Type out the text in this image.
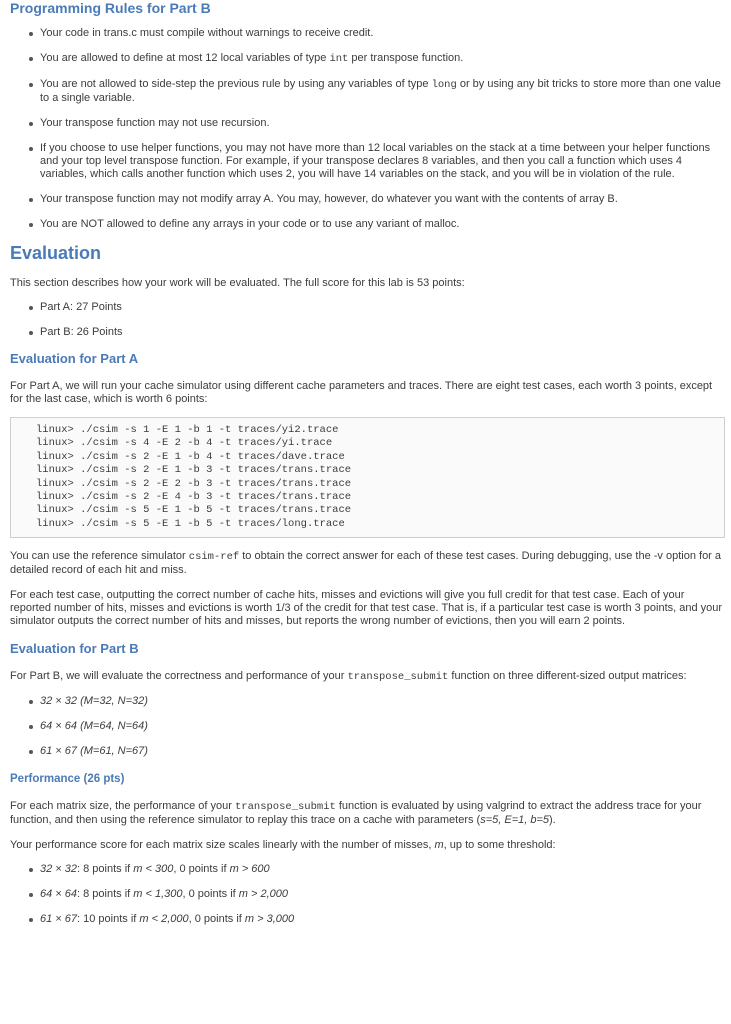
Programming Rules for Part B
Your code in trans.c must compile without warnings to receive credit.
You are allowed to define at most 12 local variables of type int per transpose function.
You are not allowed to side-step the previous rule by using any variables of type long or by using any bit tricks to store more than one value to a single variable.
Your transpose function may not use recursion.
If you choose to use helper functions, you may not have more than 12 local variables on the stack at a time between your helper functions and your top level transpose function. For example, if your transpose declares 8 variables, and then you call a function which uses 4 variables, which calls another function which uses 2, you will have 14 variables on the stack, and you will be in violation of the rule.
Your transpose function may not modify array A. You may, however, do whatever you want with the contents of array B.
You are NOT allowed to define any arrays in your code or to use any variant of malloc.
Evaluation

This section describes how your work will be evaluated. The full score for this lab is 53 points:

Part A: 27 Points
Part B: 26 Points
Evaluation for Part A

For Part A, we will run your cache simulator using different cache parameters and traces. There are eight test cases, each worth 3 points, except for the last case, which is worth 6 points:

linux> ./csim -s 1 -E 1 -b 1 -t traces/yi2.trace
linux> ./csim -s 4 -E 2 -b 4 -t traces/yi.trace
linux> ./csim -s 2 -E 1 -b 4 -t traces/dave.trace
linux> ./csim -s 2 -E 1 -b 3 -t traces/trans.trace
linux> ./csim -s 2 -E 2 -b 3 -t traces/trans.trace
linux> ./csim -s 2 -E 4 -b 3 -t traces/trans.trace
linux> ./csim -s 5 -E 1 -b 5 -t traces/trans.trace
linux> ./csim -s 5 -E 1 -b 5 -t traces/long.trace

You can use the reference simulator csim-ref to obtain the correct answer for each of these test cases. During debugging, use the -v option for a detailed record of each hit and miss.

For each test case, outputting the correct number of cache hits, misses and evictions will give you full credit for that test case. Each of your reported number of hits, misses and evictions is worth 1/3 of the credit for that test case. That is, if a particular test case is worth 3 points, and your simulator outputs the correct number of hits and misses, but reports the wrong number of evictions, then you will earn 2 points.

Evaluation for Part B

For Part B, we will evaluate the correctness and performance of your transpose_submit function on three different-sized output matrices:

32 × 32 (M=32, N=32)
64 × 64 (M=64, N=64)
61 × 67 (M=61, N=67)
Performance (26 pts)

For each matrix size, the performance of your transpose_submit function is evaluated by using valgrind to extract the address trace for your function, and then using the reference simulator to replay this trace on a cache with parameters (s=5, E=1, b=5).

Your performance score for each matrix size scales linearly with the number of misses, m, up to some threshold:

32 × 32: 8 points if m < 300, 0 points if m > 600
64 × 64: 8 points if m < 1,300, 0 points if m > 2,000
61 × 67: 10 points if m < 2,000, 0 points if m > 3,000
